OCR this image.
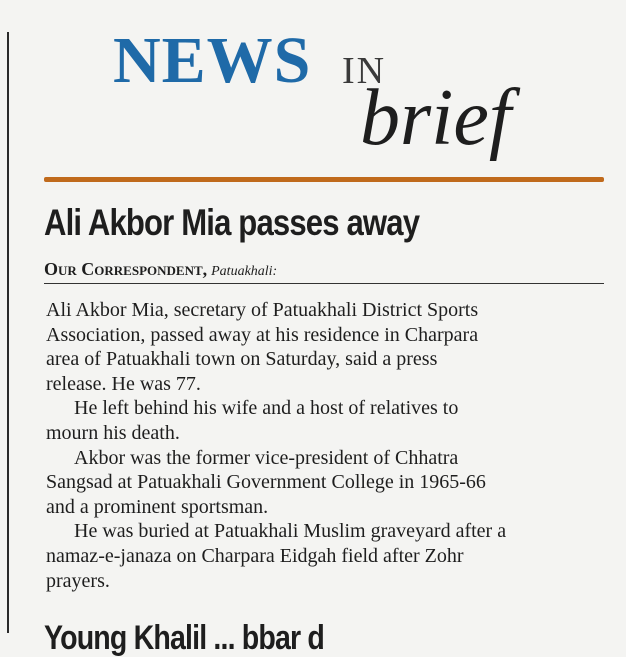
NEWS IN
brief
Ali Akbor Mia passes away
Our Correspondent, Patuakhali:
Ali Akbor Mia, secretary of Patuakhali District Sports
Association, passed away at his residence in Charpara
area of Patuakhali town on Saturday, said a press
release. He was 77.
He left behind his wife and a host of relatives to
mourn his death.
Akbor was the former vice-president of Chhatra
Sangsad at Patuakhali Government College in 1965-66
and a prominent sportsman.
He was buried at Patuakhali Muslim graveyard after a
namaz-e-janaza on Charpara Eidgah field after Zohr
prayers.
Young Khalil ... bbar d
